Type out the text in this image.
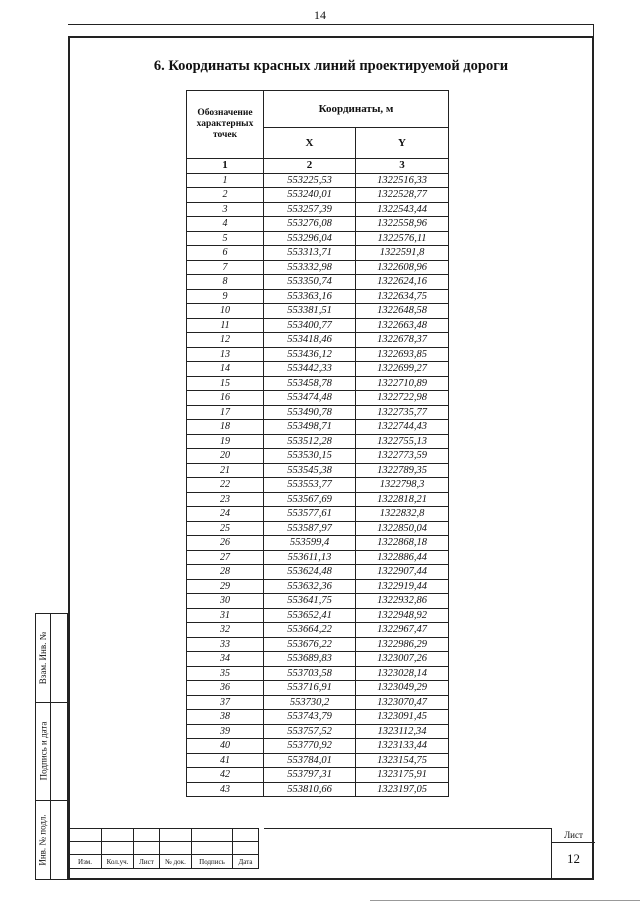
14
6. Координаты красных линий проектируемой дороги
Обозначение характерных точек	Координаты, м	
	X	Y
1	2	3
1	553225,53	1322516,33
2	553240,01	1322528,77
3	553257,39	1322543,44
4	553276,08	1322558,96
5	553296,04	1322576,11
6	553313,71	1322591,8
7	553332,98	1322608,96
8	553350,74	1322624,16
9	553363,16	1322634,75
10	553381,51	1322648,58
11	553400,77	1322663,48
12	553418,46	1322678,37
13	553436,12	1322693,85
14	553442,33	1322699,27
15	553458,78	1322710,89
16	553474,48	1322722,98
17	553490,78	1322735,77
18	553498,71	1322744,43
19	553512,28	1322755,13
20	553530,15	1322773,59
21	553545,38	1322789,35
22	553553,77	1322798,3
23	553567,69	1322818,21
24	553577,61	1322832,8
25	553587,97	1322850,04
26	553599,4	1322868,18
27	553611,13	1322886,44
28	553624,48	1322907,44
29	553632,36	1322919,44
30	553641,75	1322932,86
31	553652,41	1322948,92
32	553664,22	1322967,47
33	553676,22	1322986,29
34	553689,83	1323007,26
35	553703,58	1323028,14
36	553716,91	1323049,29
37	553730,2	1323070,47
38	553743,79	1323091,45
39	553757,52	1323112,34
40	553770,92	1323133,44
41	553784,01	1323154,75
42	553797,31	1323175,91
43	553810,66	1323197,05
Взам. Инв. №
Подпись и дата
Инв. № подл.

						Изм.	Кол.уч.	Лист	№ док.	Подпись	Дата
Лист
12
